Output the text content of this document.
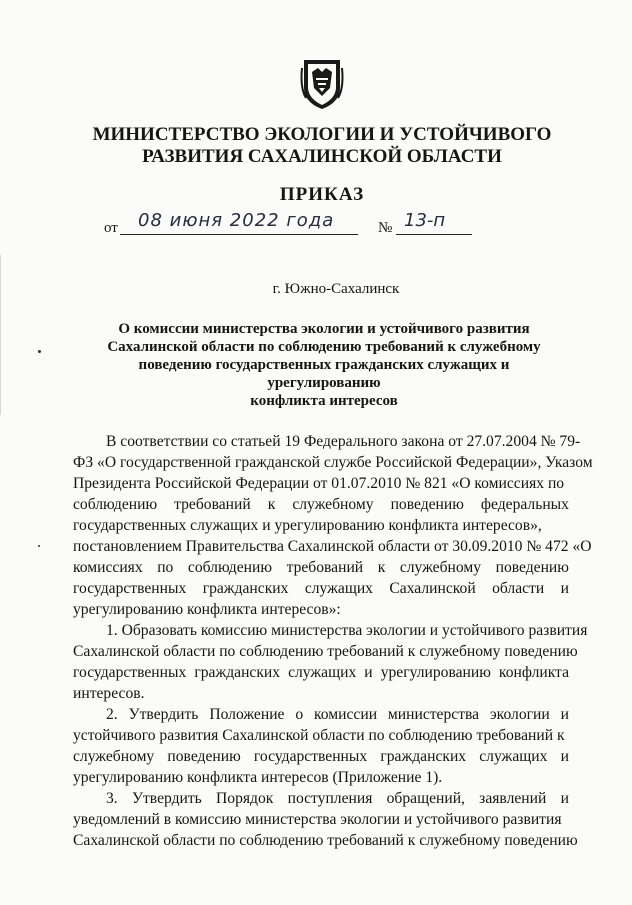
МИНИСТЕРСТВО ЭКОЛОГИИ И УСТОЙЧИВОГО
РАЗВИТИЯ САХАЛИНСКОЙ ОБЛАСТИ
ПРИКАЗ
от 08 июня 2022 года	№ 13-п
г. Южно-Сахалинск
О комиссии министерства экологии и устойчивого развития
Сахалинской области по соблюдению требований к служебному
поведению государственных гражданских служащих и урегулированию
конфликта интересов
В соответствии со статьей 19 Федерального закона от 27.07.2004 № 79-
ФЗ «О государственной гражданской службе Российской Федерации», Указом
Президента Российской Федерации от 01.07.2010 № 821 «О комиссиях по
соблюдению требований к служебному поведению федеральных
государственных служащих и урегулированию конфликта интересов»,
постановлением Правительства Сахалинской области от 30.09.2010 № 472 «О
комиссиях по соблюдению требований к служебному поведению
государственных гражданских служащих Сахалинской области и
урегулированию конфликта интересов»:
1. Образовать комиссию министерства экологии и устойчивого развития
Сахалинской области по соблюдению требований к служебному поведению
государственных гражданских служащих и урегулированию конфликта
интересов.
2. Утвердить Положение о комиссии министерства экологии и
устойчивого развития Сахалинской области по соблюдению требований к
служебному поведению государственных гражданских служащих и
урегулированию конфликта интересов (Приложение 1).
3. Утвердить Порядок поступления обращений, заявлений и
уведомлений в комиссию министерства экологии и устойчивого развития
Сахалинской области по соблюдению требований к служебному поведению
